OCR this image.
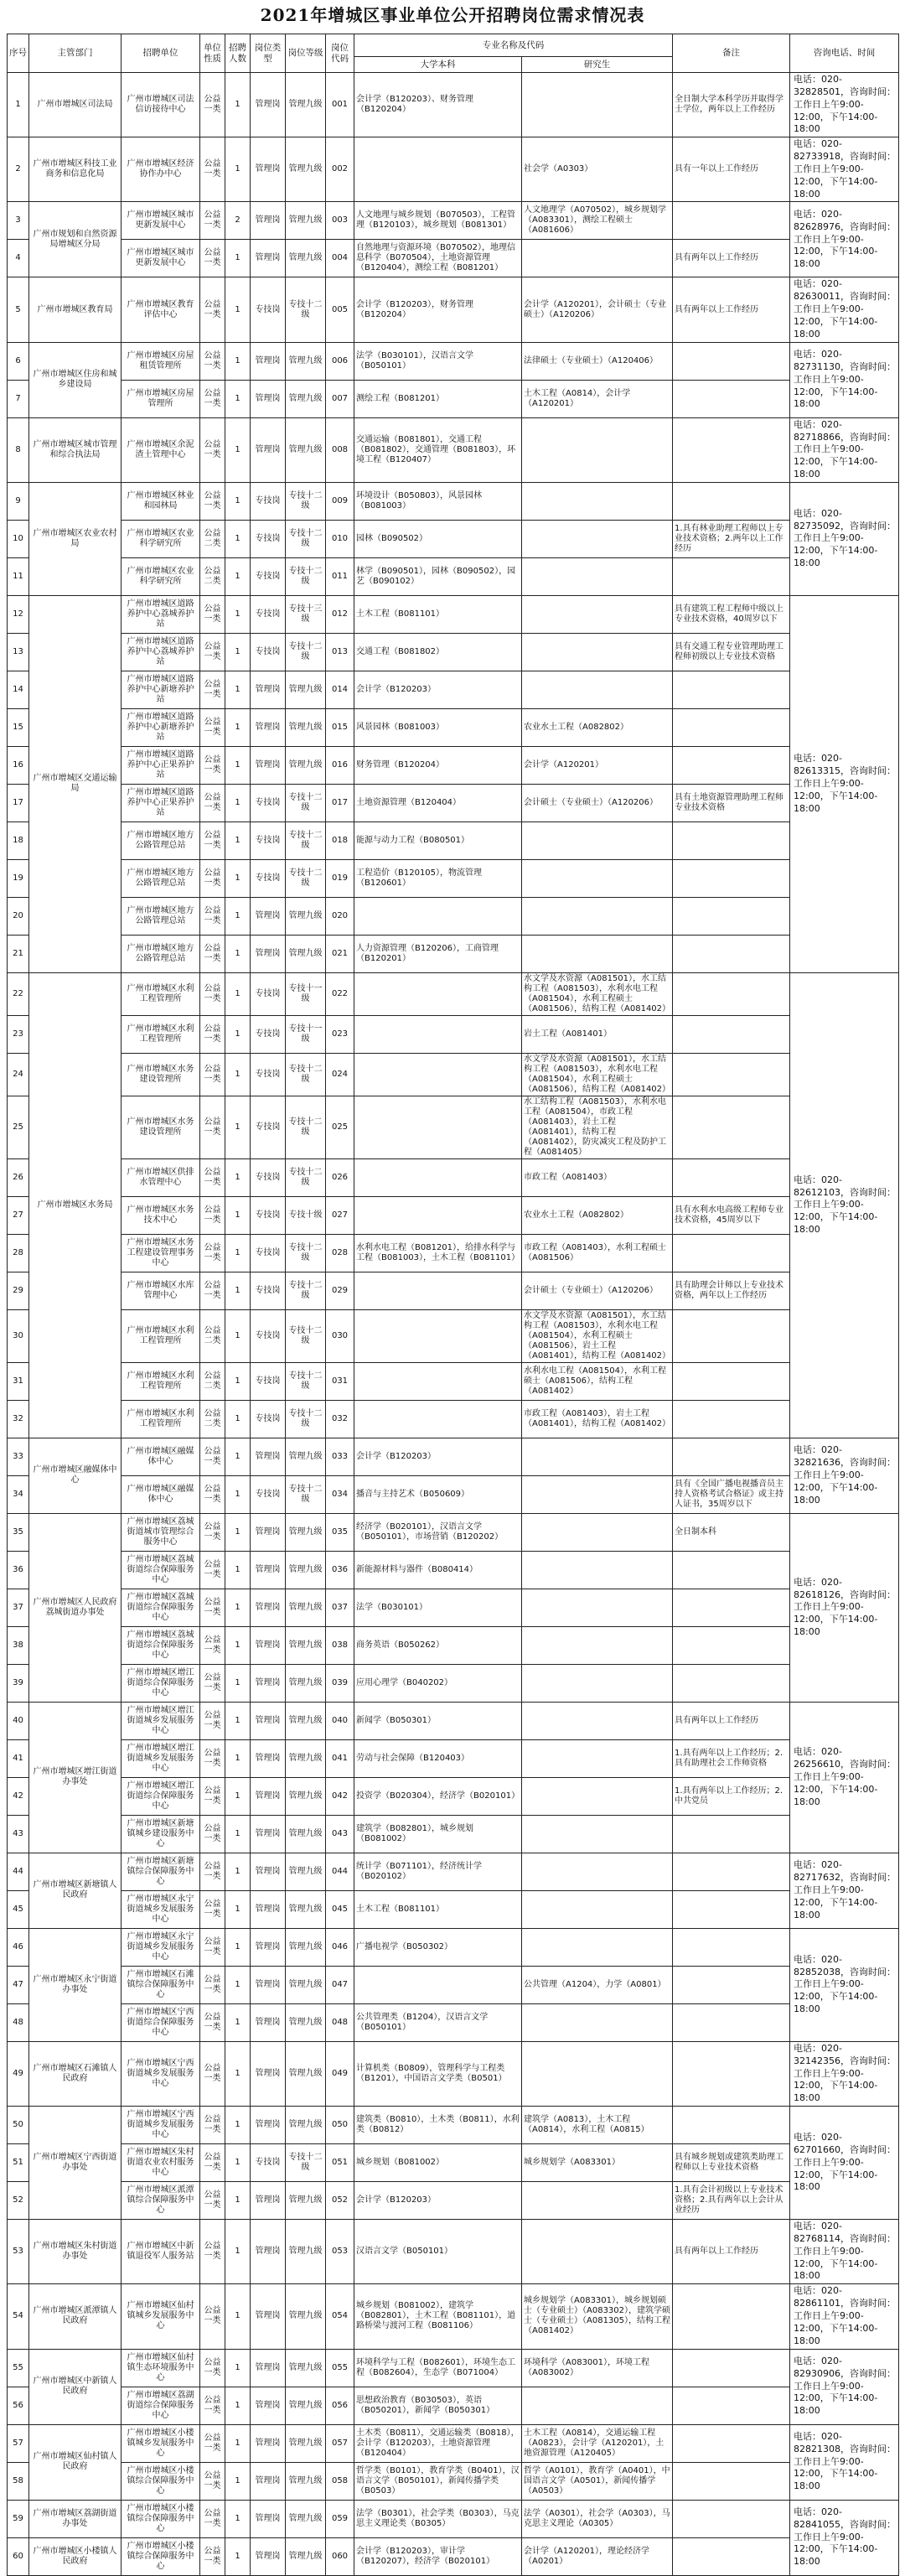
2021年增城区事业单位公开招聘岗位需求情况表
序号	主管部门	招聘单位	单位性质	招聘人数	岗位类型	岗位等级	岗位代码	专业名称及代码		备注	咨询电话、时间
								大学本科	研究生		
1	广州市增城区司法局	广州市增城区司法信访接待中心	公益一类	1	管理岗	管理九级	001	会计学（B120203）、财务管理（B120204）		全日制大学本科学历并取得学士学位，两年以上工作经历	电话：020-32828501，咨询时间：工作日上午9:00-12:00，下午14:00-18:00
2	广州市增城区科技工业商务和信息化局	广州市增城区经济协作办中心	公益一类	1	管理岗	管理九级	002		社会学（A0303）	具有一年以上工作经历	电话：020-82733918，咨询时间：工作日上午9:00-12:00，下午14:00-18:00
3	广州市规划和自然资源局增城区分局	广州市增城区城市更新发展中心	公益一类	2	管理岗	管理九级	003	人文地理与城乡规划（B070503），工程管理（B120103），城乡规划（B081301）	人文地理学（A070502），城乡规划学（A083301），测绘工程硕士（A081606）		电话：020-82628976，咨询时间：工作日上午9:00-12:00，下午14:00-18:00
4		广州市增城区城市更新发展中心	公益一类	1	管理岗	管理九级	004	自然地理与资源环境（B070502），地理信息科学（B070504），土地资源管理（B120404），测绘工程（B081201）		具有两年以上工作经历	
5	广州市增城区教育局	广州市增城区教育评估中心	公益一类	1	专技岗	专技十二级	005	会计学（B120203），财务管理（B120204）	会计学（A120201），会计硕士（专业硕士）（A120206）	具有两年以上工作经历	电话：020-82630011，咨询时间：工作日上午9:00-12:00，下午14:00-18:00
6	广州市增城区住房和城乡建设局	广州市增城区房屋租赁管理所	公益一类	1	管理岗	管理九级	006	法学（B030101），汉语言文学（B050101）	法律硕士（专业硕士）（A120406）		电话：020-82731130，咨询时间：工作日上午9:00-12:00，下午14:00-18:00
7		广州市增城区房屋管理所	公益一类	1	管理岗	管理九级	007	测绘工程（B081201）	土木工程（A0814），会计学（A120201）		
8	广州市增城区城市管理和综合执法局	广州市增城区余泥渣土管理中心	公益一类	1	管理岗	管理九级	008	交通运输（B081801），交通工程（B081802），交通管理（B081803），环境工程（B120407）			电话：020-82718866，咨询时间：工作日上午9:00-12:00，下午14:00-18:00
9	广州市增城区农业农村局	广州市增城区林业和园林局	公益一类	1	专技岗	专技十二级	009	环境设计（B050803），风景园林（B081003）			电话：020-82735092，咨询时间：工作日上午9:00-12:00，下午14:00-18:00
10		广州市增城区农业科学研究所	公益二类	1	专技岗	专技十二级	010	园林（B090502）		1.具有林业助理工程师以上专业技术资格；2.两年以上工作经历	
11		广州市增城区农业科学研究所	公益二类	1	专技岗	专技十二级	011	林学（B090501），园林（B090502），园艺（B090102）			
12	广州市增城区交通运输局	广州市增城区道路养护中心荔城养护站	公益一类	1	专技岗	专技十三级	012	土木工程（B081101）		具有建筑工程工程师中级以上专业技术资格，40周岁以下	电话：020-82613315，咨询时间：工作日上午9:00-12:00，下午14:00-18:00
13		广州市增城区道路养护中心荔城养护站	公益一类	1	专技岗	专技十二级	013	交通工程（B081802）		具有交通工程专业管理助理工程师初级以上专业技术资格	
14		广州市增城区道路养护中心新塘养护站	公益一类	1	管理岗	管理九级	014	会计学（B120203）			
15		广州市增城区道路养护中心新塘养护站	公益一类	1	管理岗	管理九级	015	风景园林（B081003）	农业水土工程（A082802）		
16		广州市增城区道路养护中心正果养护站	公益一类	1	管理岗	管理九级	016	财务管理（B120204）	会计学（A120201）		
17		广州市增城区道路养护中心正果养护站	公益一类	1	专技岗	专技十二级	017	土地资源管理（B120404）	会计硕士（专业硕士）（A120206）	具有土地资源管理助理工程师专业技术资格	
18		广州市增城区地方公路管理总站	公益一类	1	专技岗	专技十二级	018	能源与动力工程（B080501）			
19		广州市增城区地方公路管理总站	公益一类	1	专技岗	专技十二级	019	工程造价（B120105），物流管理（B120601）			
20		广州市增城区地方公路管理总站	公益一类	1	管理岗	管理九级	020				
21		广州市增城区地方公路管理总站	公益一类	1	管理岗	管理九级	021	人力资源管理（B120206），工商管理（B120201）			
22	广州市增城区水务局	广州市增城区水利工程管理所	公益一类	1	专技岗	专技十一级	022		水文学及水资源（A081501），水工结构工程（A081503），水利水电工程（A081504），水利工程硕士（A081506），结构工程（A081402）		电话：020-82612103，咨询时间：工作日上午9:00-12:00，下午14:00-18:00
23		广州市增城区水利工程管理所	公益一类	1	专技岗	专技十一级	023		岩土工程（A081401）		
24		广州市增城区水务建设管理所	公益一类	1	专技岗	专技十二级	024		水文学及水资源（A081501），水工结构工程（A081503），水利水电工程（A081504），水利工程硕士（A081506），结构工程（A081402）		
25		广州市增城区水务建设管理所	公益一类	1	专技岗	专技十二级	025		水工结构工程（A081503），水利水电工程（A081504），市政工程（A081403），岩土工程（A081401），结构工程（A081402），防灾减灾工程及防护工程（A081405）		
26		广州市增城区供排水管理中心	公益一类	1	专技岗	专技十二级	026		市政工程（A081403）		
27		广州市增城区水务技术中心	公益一类	1	专技岗	专技十级	027		农业水土工程（A082802）	具有水利水电高级工程师专业技术资格，45周岁以下	
28		广州市增城区水务工程建设管理事务中心	公益一类	1	专技岗	专技十二级	028	水利水电工程（B081201），给排水科学与工程（B081003），土木工程（B081101）	市政工程（A081403），水利工程硕士（A081506）		
29		广州市增城区水库管理中心	公益一类	1	专技岗	专技十二级	029		会计硕士（专业硕士）（A120206）	具有助理会计师以上专业技术资格，两年以上工作经历	
30		广州市增城区水利工程管理所	公益二类	1	专技岗	专技十二级	030		水文学及水资源（A081501），水工结构工程（A081503），水利水电工程（A081504），水利工程硕士（A081506），岩土工程（A081401），结构工程（A081402）		
31		广州市增城区水利工程管理所	公益二类	1	专技岗	专技十二级	031		水利水电工程（A081504），水利工程硕士（A081506），结构工程（A081402）		
32		广州市增城区水利工程管理所	公益二类	1	专技岗	专技十二级	032		市政工程（A081403），岩土工程（A081401），结构工程（A081402）		
33	广州市增城区融媒体中心	广州市增城区融媒体中心	公益一类	1	管理岗	管理九级	033	会计学（B120203）			电话：020-32821636，咨询时间：工作日上午9:00-12:00，下午14:00-18:00
34		广州市增城区融媒体中心	公益一类	1	专技岗	专技十二级	034	播音与主持艺术（B050609）		具有《全国广播电视播音员主持人资格考试合格证》或主持人证书，35周岁以下	
35	广州市增城区人民政府荔城街道办事处	广州市增城区荔城街道城市管理综合服务中心	公益一类	1	管理岗	管理九级	035	经济学（B020101），汉语言文学（B050101），市场营销（B120202）		全日制本科	电话：020-82618126，咨询时间：工作日上午9:00-12:00，下午14:00-18:00
36		广州市增城区荔城街道综合保障服务中心	公益一类	1	管理岗	管理九级	036	新能源材料与器件（B080414）			
37		广州市增城区荔城街道综合保障服务中心	公益一类	1	管理岗	管理九级	037	法学（B030101）			
38		广州市增城区荔城街道综合保障服务中心	公益一类	1	管理岗	管理九级	038	商务英语（B050262）			
39		广州市增城区增江街道综合保障服务中心	公益一类	1	管理岗	管理九级	039	应用心理学（B040202）			
40	广州市增城区增江街道办事处	广州市增城区增江街道城乡发展服务中心	公益一类	1	管理岗	管理九级	040	新闻学（B050301）		具有两年以上工作经历	电话：020-26256610，咨询时间：工作日上午9:00-12:00，下午14:00-18:00
41		广州市增城区增江街道城乡发展服务中心	公益一类	1	管理岗	管理九级	041	劳动与社会保障（B120403）		1.具有两年以上工作经历；2.具有助理社会工作师资格	
42		广州市增城区增江街道综合保障服务中心	公益一类	1	管理岗	管理九级	042	投资学（B020304），经济学（B020101）		1.具有两年以上工作经历；2.中共党员	
43		广州市增城区新塘镇城乡建设服务中心	公益一类	1	管理岗	管理九级	043	建筑学（B082801），城乡规划（B081002）			
44	广州市增城区新塘镇人民政府	广州市增城区新塘镇综合保障服务中心	公益一类	1	管理岗	管理九级	044	统计学（B071101），经济统计学（B020102）			电话：020-82717632，咨询时间：工作日上午9:00-12:00，下午14:00-18:00
45		广州市增城区永宁街道城乡发展服务中心	公益一类	1	管理岗	管理九级	045	土木工程（B081101）			
46	广州市增城区永宁街道办事处	广州市增城区永宁街道城乡发展服务中心	公益一类	1	管理岗	管理九级	046	广播电视学（B050302）			电话：020-82852038，咨询时间：工作日上午9:00-12:00，下午14:00-18:00
47		广州市增城区石滩镇综合保障服务中心	公益一类	1	管理岗	管理九级	047		公共管理（A1204），力学（A0801）		
48		广州市增城区宁西街道综合保障服务中心	公益一类	1	管理岗	管理九级	048	公共管理类（B1204），汉语言文学（B050101）			
49	广州市增城区石滩镇人民政府	广州市增城区宁西街道城乡发展服务中心	公益一类	1	管理岗	管理九级	049	计算机类（B0809），管理科学与工程类（B1201），中国语言文学类（B0501）			电话：020-32142356，咨询时间：工作日上午9:00-12:00，下午14:00-18:00
50	广州市增城区宁西街道办事处	广州市增城区宁西街道城乡发展服务中心	公益一类	1	管理岗	管理九级	050	建筑类（B0810），土木类（B0811），水利类（B0812）	建筑学（A0813），土木工程（A0814），水利工程（A0815）		电话：020-62701660，咨询时间：工作日上午9:00-12:00，下午14:00-18:00
51		广州市增城区朱村街道农业农村服务中心	公益一类	1	专技岗	专技十二级	051	城乡规划（B081002）	城乡规划学（A083301）	具有城乡规划或建筑类助理工程师以上专业技术资格	
52		广州市增城区派潭镇综合保障服务中心	公益一类	1	管理岗	管理九级	052	会计学（B120203）		1.具有会计初级以上专业技术资格；2.具有两年以上会计从业经历	
53	广州市增城区朱村街道办事处	广州市增城区中新镇退役军人服务站	公益一类	1	管理岗	管理九级	053	汉语言文学（B050101）		具有两年以上工作经历	电话：020-82768114，咨询时间：工作日上午9:00-12:00，下午14:00-18:00
54	广州市增城区派潭镇人民政府	广州市增城区仙村镇城乡发展服务中心	公益一类	1	管理岗	管理九级	054	城乡规划（B081002），建筑学（B082801），土木工程（B081101），道路桥梁与渡河工程（B081106）	城乡规划学（A083301），城乡规划硕士（专业硕士）（A083302），建筑学硕士（专业硕士）（A081305），结构工程（A081402）		电话：020-82861101，咨询时间：工作日上午9:00-12:00，下午14:00-18:00
55	广州市增城区中新镇人民政府	广州市增城区仙村镇生态环境服务中心	公益一类	1	管理岗	管理九级	055	环境科学与工程（B082601），环境生态工程（B082604），生态学（B071004）	环境科学（A083001），环境工程（A083002）		电话：020-82930906，咨询时间：工作日上午9:00-12:00，下午14:00-18:00
56		广州市增城区荔湖街道综合保障服务中心	公益一类	1	管理岗	管理九级	056	思想政治教育（B030503），英语（B050201），新闻学（B050301）			
57	广州市增城区仙村镇人民政府	广州市增城区小楼镇城乡发展服务中心	公益一类	1	管理岗	管理九级	057	土木类（B0811），交通运输类（B0818），会计学（B120203），土地资源管理（B120404）	土木工程（A0814），交通运输工程（A0823），会计学（A120201），土地资源管理（A120405）		电话：020-82821308，咨询时间：工作日上午9:00-12:00，下午14:00-18:00
58		广州市增城区小楼镇综合保障服务中心	公益一类	1	管理岗	管理九级	058	哲学类（B0101），教育学类（B0401），汉语言文学（B050101），新闻传播学类（B0503）	哲学（A0101），教育学（A0401），中国语言文学（A0501），新闻传播学（A0503）		
59	广州市增城区荔湖街道办事处	广州市增城区小楼镇综合保障服务中心	公益一类	1	管理岗	管理九级	059	法学（B0301），社会学类（B0303），马克思主义理论类（B0305）	法学（A0301），社会学（A0303），马克思主义理论（A0305）		电话：020-82841055，咨询时间：工作日上午9:00-12:00，下午14:00-18:00
60	广州市增城区小楼镇人民政府	广州市增城区小楼镇综合保障服务中心	公益一类	1	管理岗	管理九级	060	会计学（B120203），审计学（B120207），经济学（B020101）	会计学（A120201），理论经济学（A0201）		
